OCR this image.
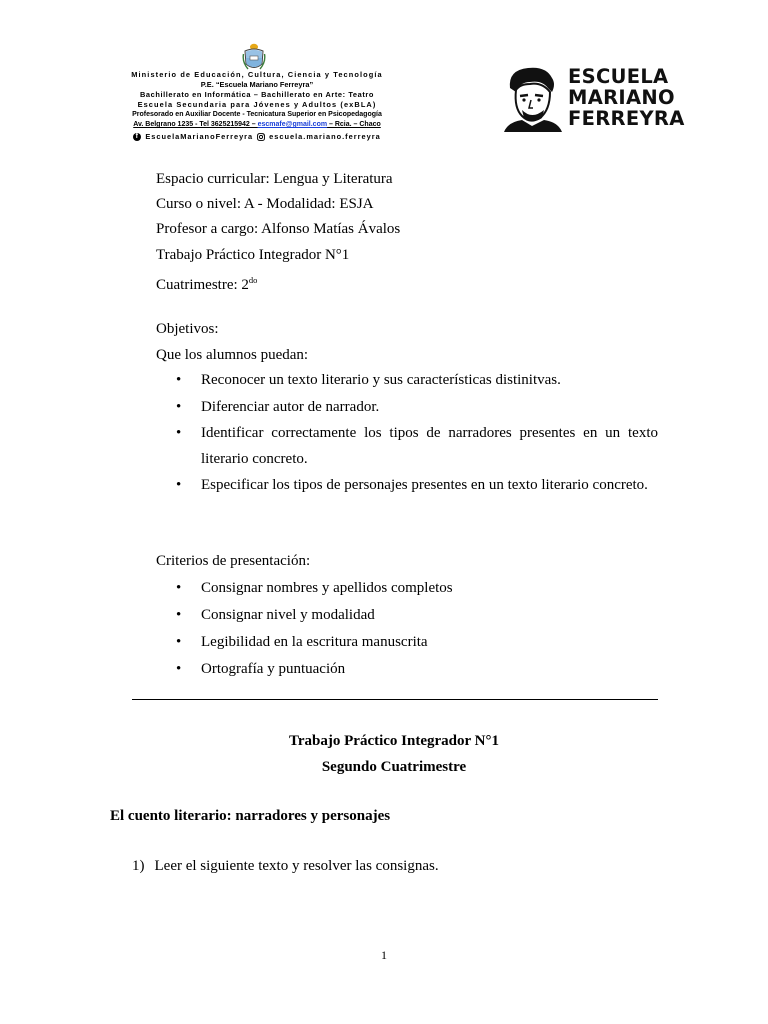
Ministerio de Educación, Cultura, Ciencia y Tecnología
P.E. “Escuela Mariano Ferreyra”
Bachillerato en Informática – Bachillerato en Arte: Teatro
Escuela Secundaria para Jóvenes y Adultos (exBLA)
Profesorado en Auxiliar Docente - Tecnicatura Superior en Psicopedagogía
Av. Belgrano 1235 - Tel 3625215942 – escmafe@gmail.com – Rcia. – Chaco
f EscuelaMarianoFerreyra escuela.mariano.ferreyra
ESCUELA
MARIANO
FERREYRA
Espacio curricular: Lengua y Literatura
Curso o nivel: A - Modalidad: ESJA
Profesor a cargo: Alfonso Matías Ávalos
Trabajo Práctico Integrador N°1
Cuatrimestre: $2^{do}$
Objetivos:
Que los alumnos puedan:
• Reconocer un texto literario y sus características distinitvas.
• Diferenciar autor de narrador.
• Identificar correctamente los tipos de narradores presentes en un texto literario concreto.
• Especificar los tipos de personajes presentes en un texto literario concreto.
Criterios de presentación:
• Consignar nombres y apellidos completos
• Consignar nivel y modalidad
• Legibilidad en la escritura manuscrita
• Ortografía y puntuación
Trabajo Práctico Integrador N°1
Segundo Cuatrimestre
El cuento literario: narradores y personajes
1) Leer el siguiente texto y resolver las consignas.
1
